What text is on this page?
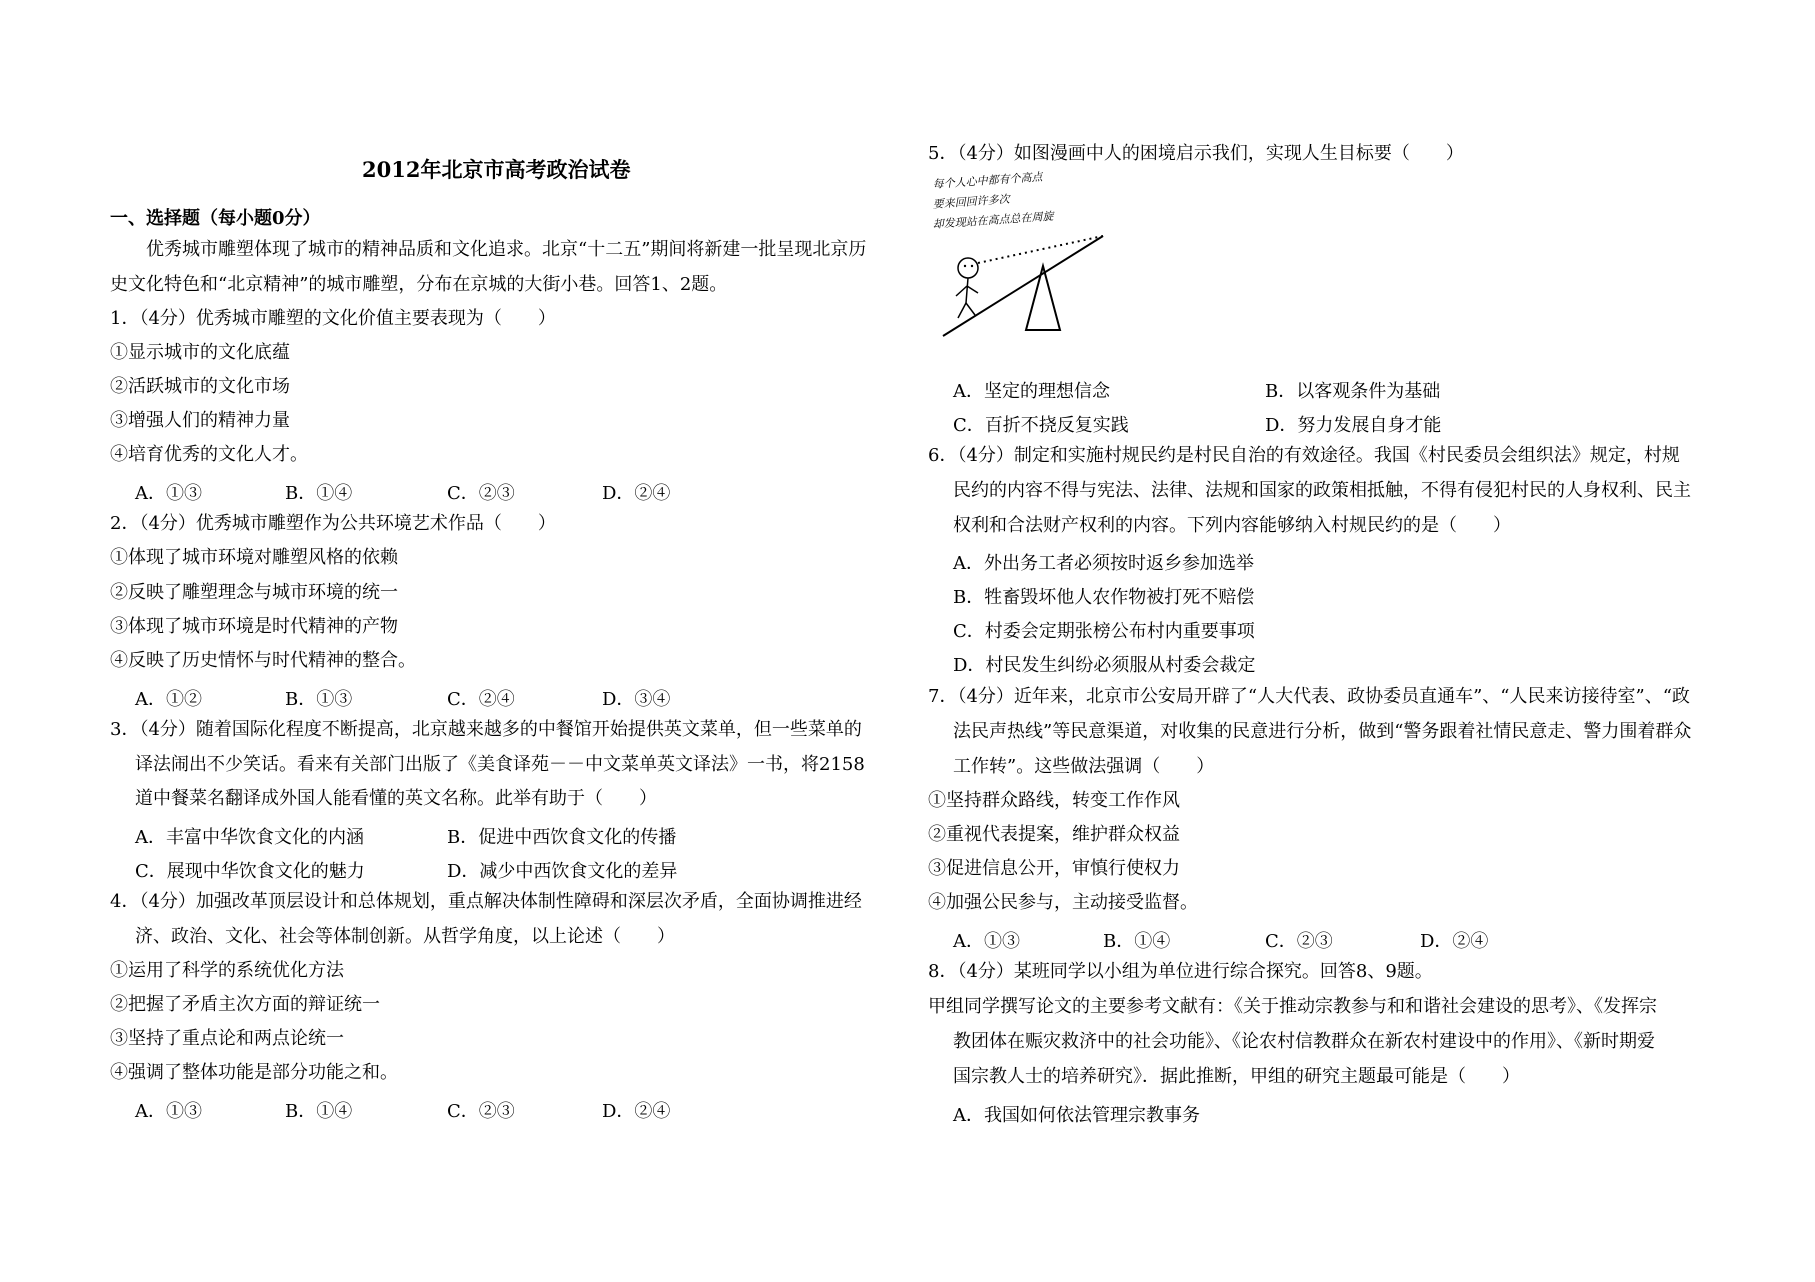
2012年北京市高考政治试卷
一、选择题（每小题0分）
优秀城市雕塑体现了城市的精神品质和文化追求。北京“十二五”期间将新建一批呈现北京历
史文化特色和“北京精神”的城市雕塑，分布在京城的大街小巷。回答1、2题。
1．（4分）优秀城市雕塑的文化价值主要表现为（　　）
①显示城市的文化底蕴
②活跃城市的文化市场
③增强人们的精神力量
④培育优秀的文化人才。
A．①③	B．①④	C．②③	D．②④
2．（4分）优秀城市雕塑作为公共环境艺术作品（　　）
①体现了城市环境对雕塑风格的依赖
②反映了雕塑理念与城市环境的统一
③体现了城市环境是时代精神的产物
④反映了历史情怀与时代精神的整合。
A．①②	B．①③	C．②④	D．③④
3．（4分）随着国际化程度不断提高，北京越来越多的中餐馆开始提供英文菜单，但一些菜单的
译法闹出不少笑话。看来有关部门出版了《美食译苑－－中文菜单英文译法》一书，将2158
道中餐菜名翻译成外国人能看懂的英文名称。此举有助于（　　）
A．丰富中华饮食文化的内涵	B．促进中西饮食文化的传播
C．展现中华饮食文化的魅力	D．减少中西饮食文化的差异
4．（4分）加强改革顶层设计和总体规划，重点解决体制性障碍和深层次矛盾，全面协调推进经
济、政治、文化、社会等体制创新。从哲学角度，以上论述（　　）
①运用了科学的系统优化方法
②把握了矛盾主次方面的辩证统一
③坚持了重点论和两点论统一
④强调了整体功能是部分功能之和。
A．①③	B．①④	C．②③	D．②④
5．（4分）如图漫画中人的困境启示我们，实现人生目标要（　　）
每个人心中都有个高点
要来回回许多次
却发现站在高点总在周旋
A．坚定的理想信念	B．以客观条件为基础
C．百折不挠反复实践	D．努力发展自身才能
6．（4分）制定和实施村规民约是村民自治的有效途径。我国《村民委员会组织法》规定，村规
民约的内容不得与宪法、法律、法规和国家的政策相抵触，不得有侵犯村民的人身权利、民主
权利和合法财产权利的内容。下列内容能够纳入村规民约的是（　　）
A．外出务工者必须按时返乡参加选举
B．牲畜毁坏他人农作物被打死不赔偿
C．村委会定期张榜公布村内重要事项
D．村民发生纠纷必须服从村委会裁定
7．（4分）近年来，北京市公安局开辟了“人大代表、政协委员直通车”、“人民来访接待室”、“政
法民声热线”等民意渠道，对收集的民意进行分析，做到“警务跟着社情民意走、警力围着群众
工作转”。这些做法强调（　　）
①坚持群众路线，转变工作作风
②重视代表提案，维护群众权益
③促进信息公开，审慎行使权力
④加强公民参与，主动接受监督。
A．①③	B．①④	C．②③	D．②④
8．（4分）某班同学以小组为单位进行综合探究。回答8、9题。
甲组同学撰写论文的主要参考文献有：《关于推动宗教参与和和谐社会建设的思考》、《发挥宗
教团体在赈灾救济中的社会功能》、《论农村信教群众在新农村建设中的作用》、《新时期爱
国宗教人士的培养研究》．据此推断，甲组的研究主题最可能是（　　）
A．我国如何依法管理宗教事务
